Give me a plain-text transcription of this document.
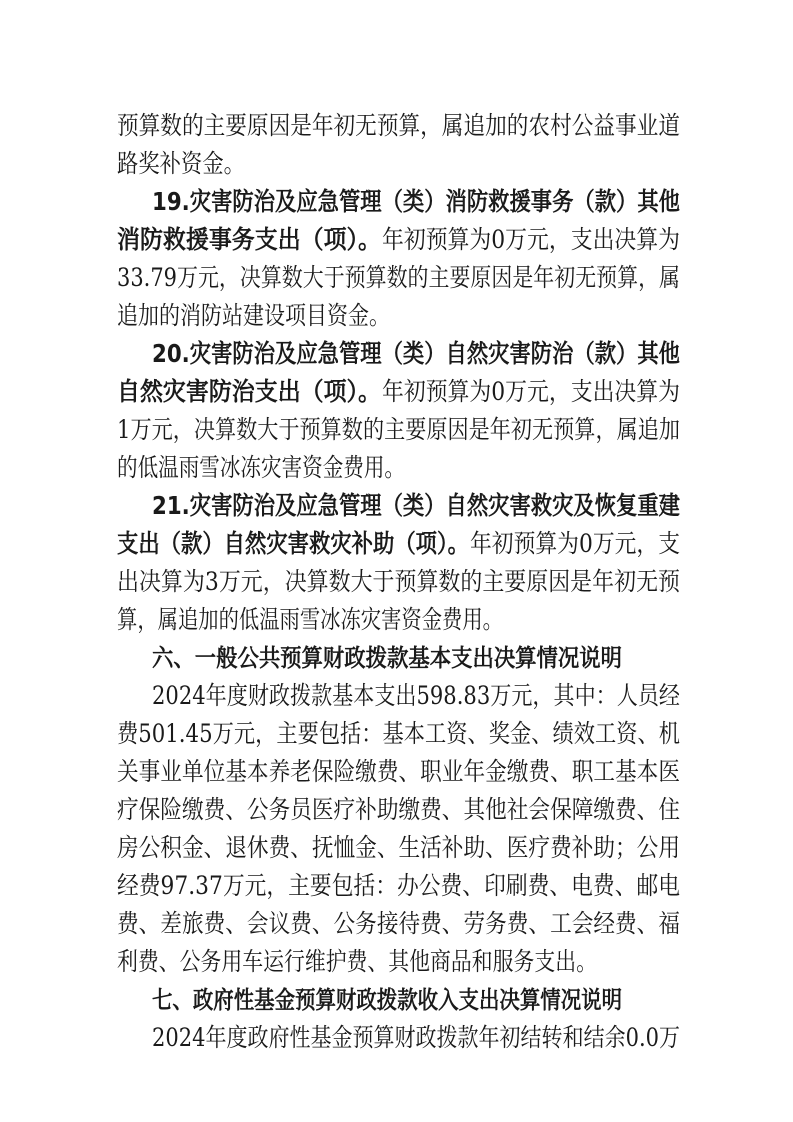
预算数的主要原因是年初无预算，属追加的农村公益事业道
路奖补资金。
19.灾害防治及应急管理（类）消防救援事务（款）其他
消防救援事务支出（项）。 年初预算为0万元，支出决算为
33.79万元，决算数大于预算数的主要原因是年初无预算，属
追加的消防站建设项目资金。
20.灾害防治及应急管理（类）自然灾害防治（款）其他
自然灾害防治支出（项）。 年初预算为0万元，支出决算为
1万元，决算数大于预算数的主要原因是年初无预算，属追加
的低温雨雪冰冻灾害资金费用。
21.灾害防治及应急管理（类）自然灾害救灾及恢复重建
支出（款）自然灾害救灾补助（项）。 年初预算为0万元，支
出决算为3万元，决算数大于预算数的主要原因是年初无预
算，属追加的低温雨雪冰冻灾害资金费用。
六、一般公共预算财政拨款基本支出决算情况说明
2024年度财政拨款基本支出598.83万元，其中：人员经
费501.45万元，主要包括：基本工资、奖金、绩效工资、机
关事业单位基本养老保险缴费、职业年金缴费、职工基本医
疗保险缴费、公务员医疗补助缴费、其他社会保障缴费、住
房公积金、退休费、抚恤金、生活补助、医疗费补助；公用
经费97.37万元，主要包括：办公费、印刷费、电费、邮电
费、差旅费、会议费、公务接待费、劳务费、工会经费、福
利费、公务用车运行维护费、其他商品和服务支出。
七、政府性基金预算财政拨款收入支出决算情况说明
2024年度政府性基金预算财政拨款年初结转和结余0.0万
